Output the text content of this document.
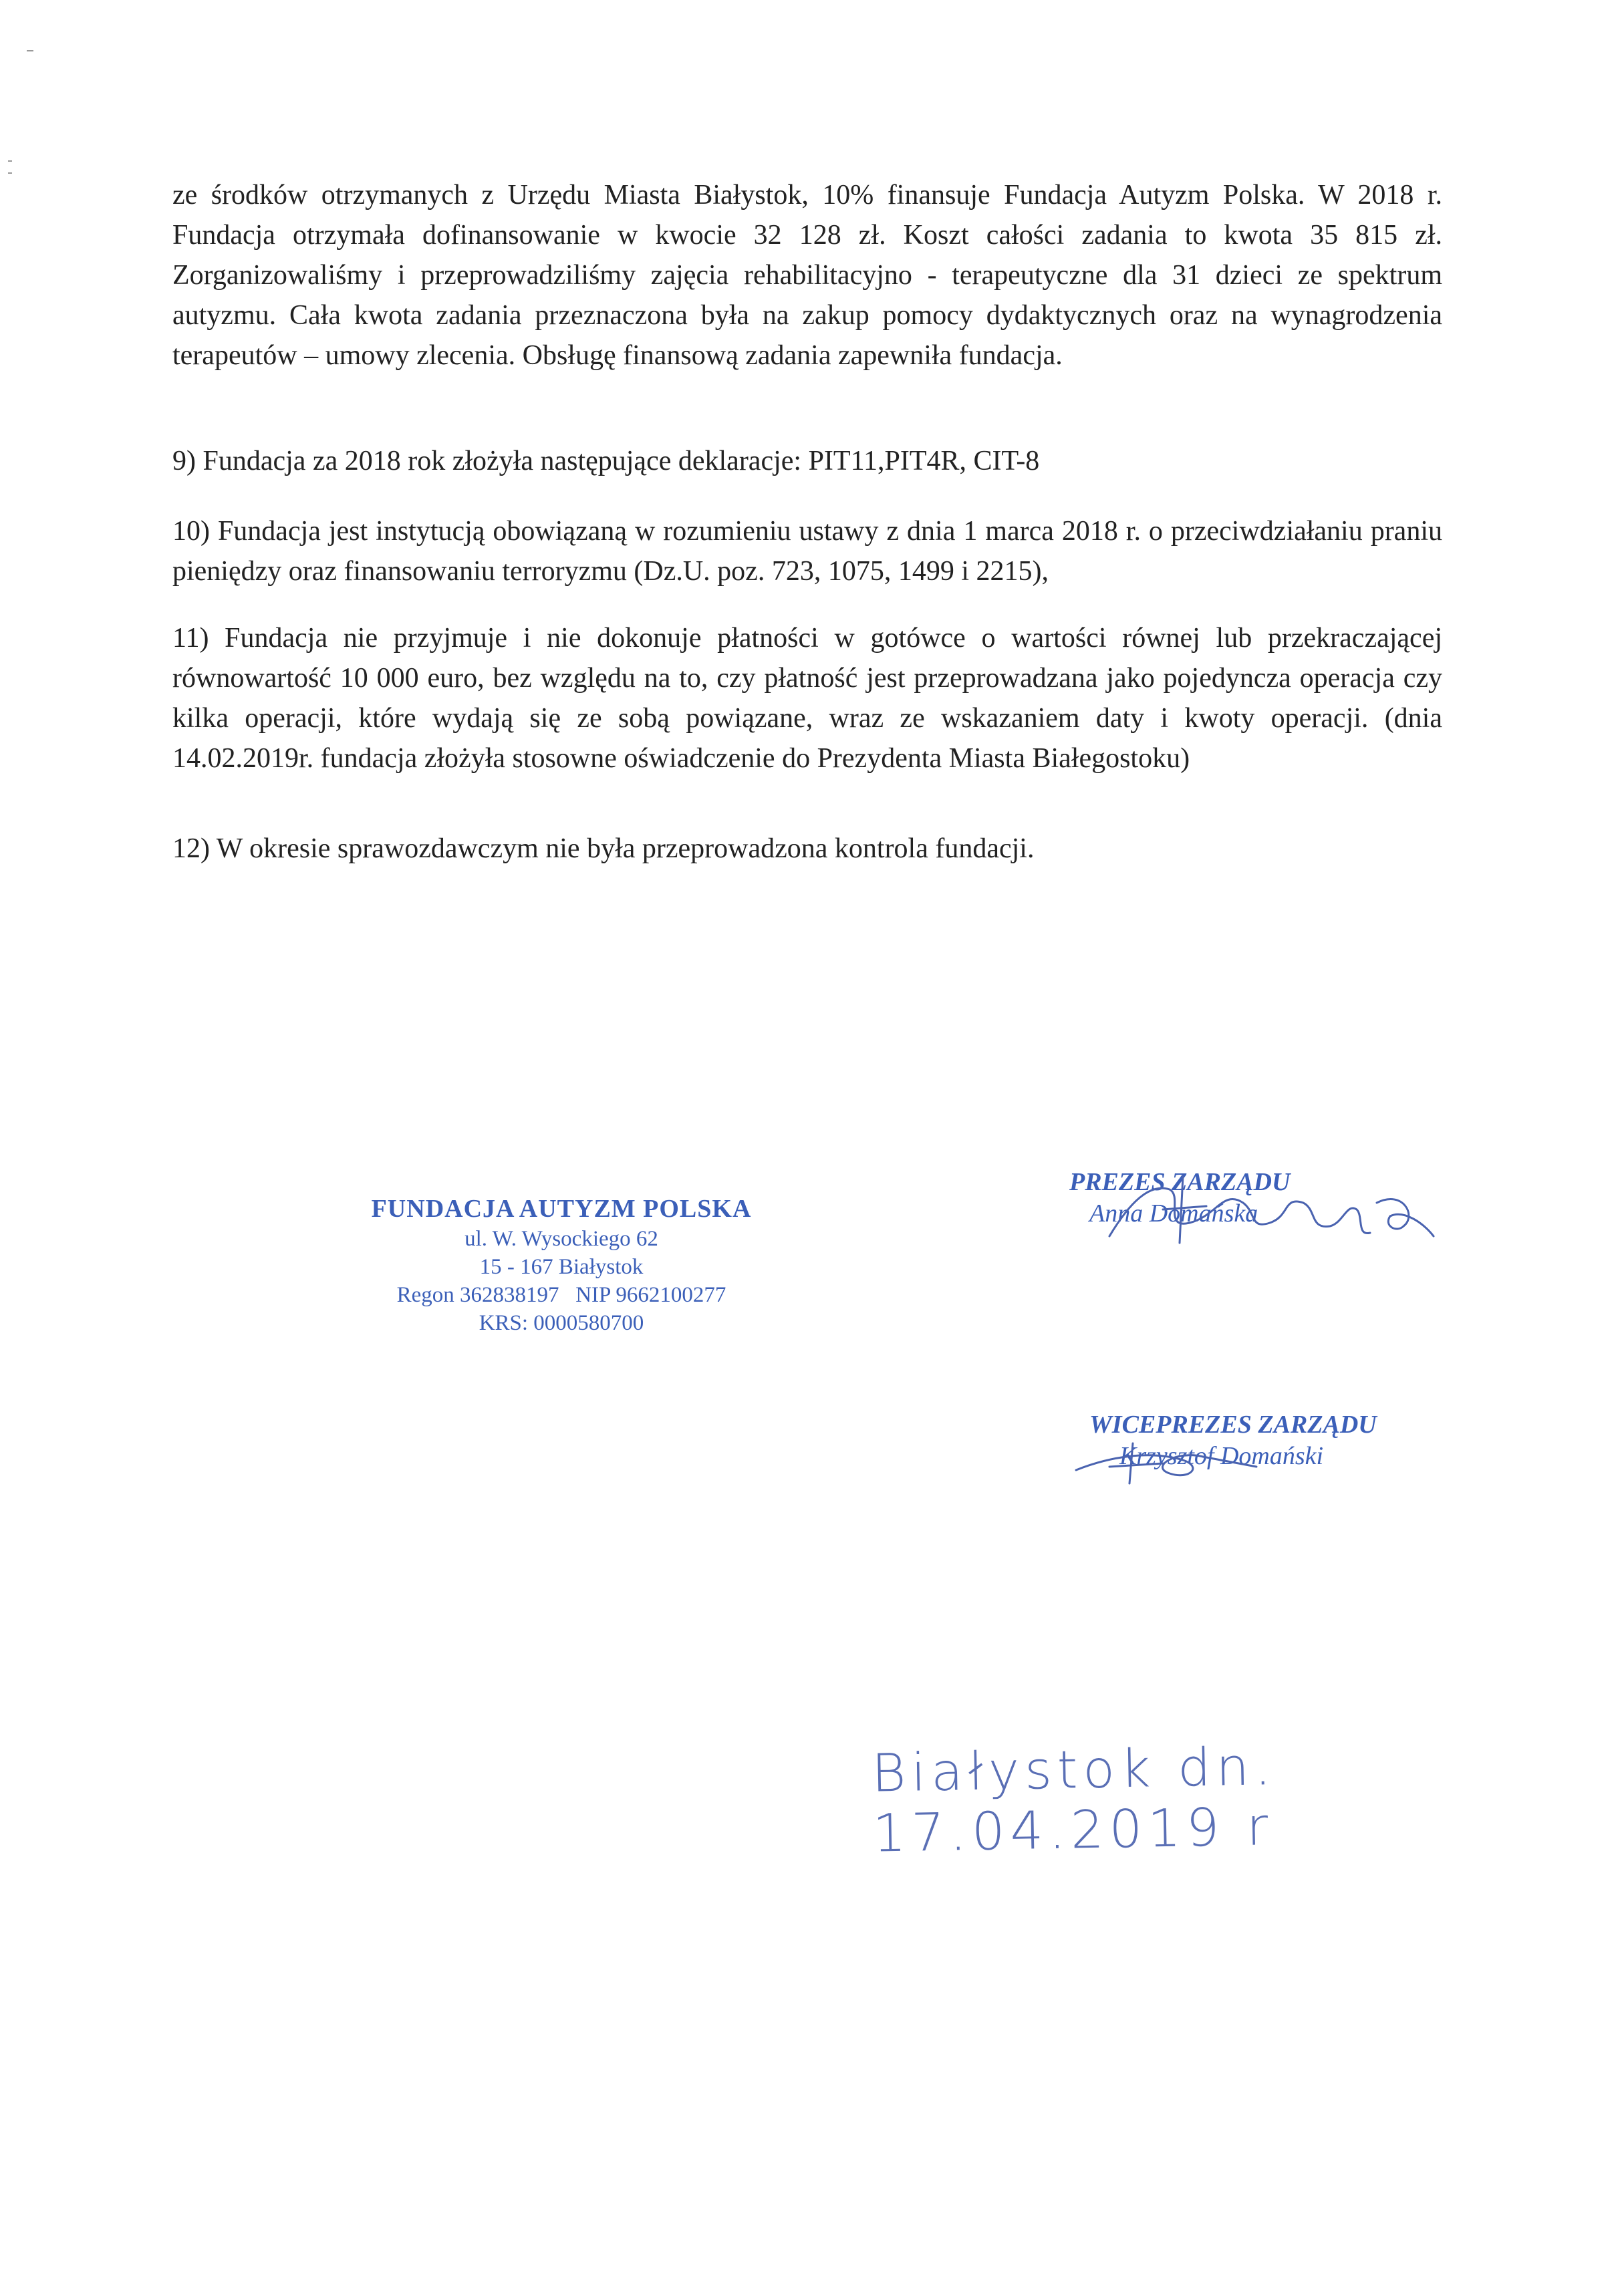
ze środków otrzymanych z Urzędu Miasta Białystok, 10% finansuje Fundacja Autyzm Polska. W 2018 r. Fundacja otrzymała dofinansowanie w kwocie 32 128 zł. Koszt całości zadania to kwota 35 815 zł. Zorganizowaliśmy i przeprowadziliśmy zajęcia rehabilitacyjno - terapeutyczne dla 31 dzieci ze spektrum autyzmu. Cała kwota zadania przeznaczona była na zakup pomocy dydaktycznych oraz na wynagrodzenia terapeutów – umowy zlecenia. Obsługę finansową zadania zapewniła fundacja.

9) Fundacja za 2018 rok złożyła następujące deklaracje: PIT11,PIT4R, CIT-8

10) Fundacja jest instytucją obowiązaną w rozumieniu ustawy z dnia 1 marca 2018 r. o przeciwdziałaniu praniu pieniędzy oraz finansowaniu terroryzmu (Dz.U. poz. 723, 1075, 1499 i 2215),

11) Fundacja nie przyjmuje i nie dokonuje płatności w gotówce o wartości równej lub przekraczającej równowartość 10 000 euro, bez względu na to, czy płatność jest przeprowadzana jako pojedyncza operacja czy kilka operacji, które wydają się ze sobą powiązane, wraz ze wskazaniem daty i kwoty operacji. (dnia 14.02.2019r. fundacja złożyła stosowne oświadczenie do Prezydenta Miasta Białegostoku)

12) W okresie sprawozdawczym nie była przeprowadzona kontrola fundacji.

FUNDACJA AUTYZM POLSKA
ul. W. Wysockiego 62
15 - 167 Białystok
Regon 362838197   NIP 9662100277
KRS: 0000580700
PREZES ZARZĄDU
Anna Domańska
WICEPREZES ZARZĄDU
Krzysztof Domański
Białystok dn. 17.04.2019 r
